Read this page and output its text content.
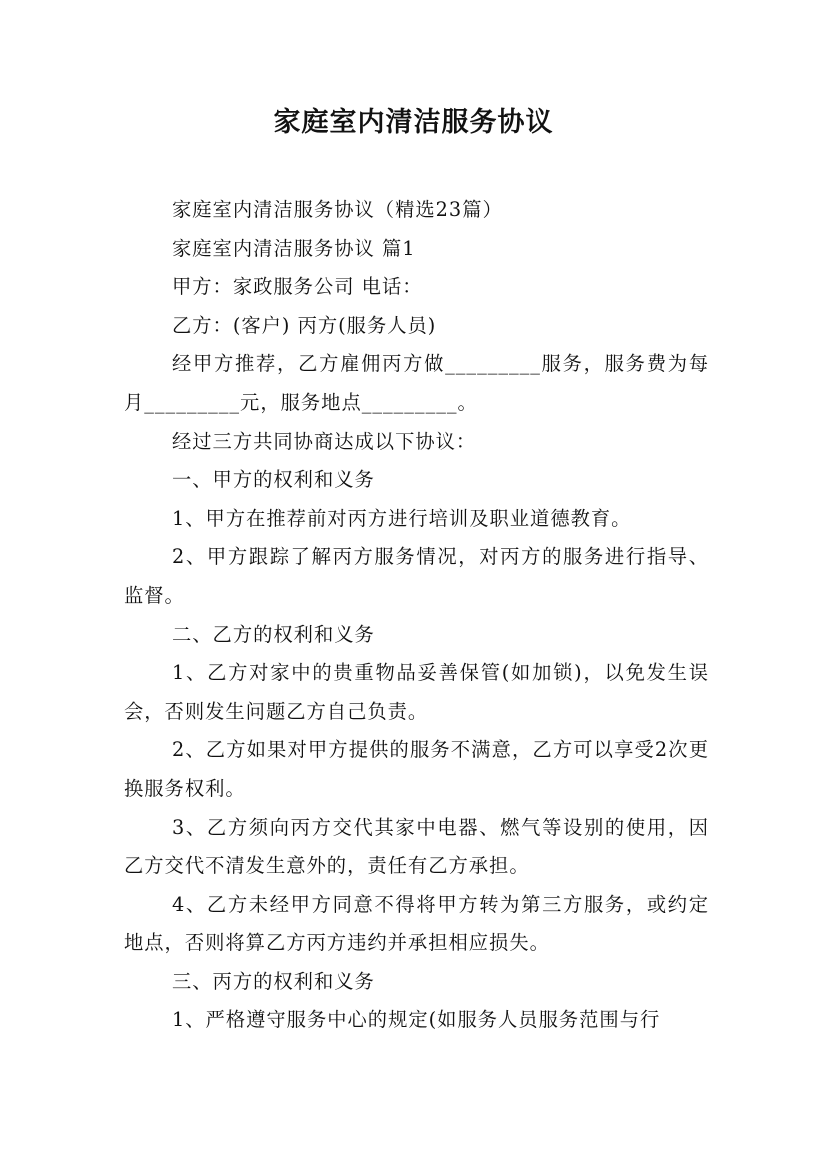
家庭室内清洁服务协议

家庭室内清洁服务协议（精选23篇）

家庭室内清洁服务协议 篇1

甲方：家政服务公司 电话：

乙方：(客户) 丙方(服务人员)

经甲方推荐，乙方雇佣丙方做_________服务，服务费为每月_________元，服务地点_________。

经过三方共同协商达成以下协议：

一、甲方的权利和义务

1、甲方在推荐前对丙方进行培训及职业道德教育。

2、甲方跟踪了解丙方服务情况，对丙方的服务进行指导、监督。

二、乙方的权利和义务

1、乙方对家中的贵重物品妥善保管(如加锁)，以免发生误会，否则发生问题乙方自己负责。

2、乙方如果对甲方提供的服务不满意，乙方可以享受2次更换服务权利。

3、乙方须向丙方交代其家中电器、燃气等设别的使用，因乙方交代不清发生意外的，责任有乙方承担。

4、乙方未经甲方同意不得将甲方转为第三方服务，或约定地点，否则将算乙方丙方违约并承担相应损失。

三、丙方的权利和义务

1、严格遵守服务中心的规定(如服务人员服务范围与行
